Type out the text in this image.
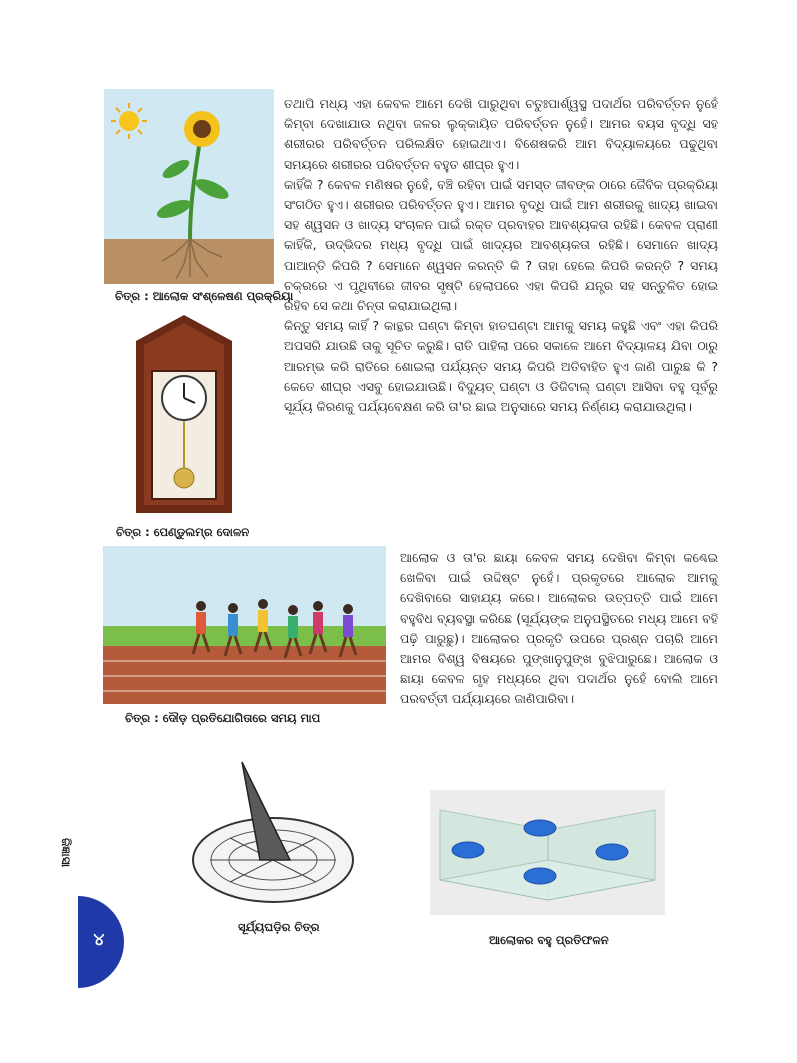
ଚିତ୍ର : ଆଲୋକ ସଂଶ୍ଳେଷଣ ପ୍ରକ୍ରିୟା
ଚିତ୍ର : ପେଣ୍ଡୁଲମ୍‌ର ଦୋଳନ

ତଥାପି ମଧ୍ୟ ଏହା କେବଳ ଆମେ ଦେଖି ପାରୁଥିବା ଚତୁଃପାର୍ଶ୍ୱସ୍ଥ ପଦାର୍ଥର ପରିବର୍ତ୍ତନ ନୁହେଁ କିମ୍ବା ଦେଖାଯାଉ ନଥିବା ଜଳର ଲୁକ୍କାୟିତ ପରିବର୍ତ୍ତନ ନୁହେଁ। ଆମର ବୟସ ବୃଦ୍ଧି ସହ ଶରୀରର ପରିବର୍ତ୍ତନ ପରିଲକ୍ଷିତ ହୋଇଥାଏ। ବିଶେଷକରି ଆମ ବିଦ୍ୟାଳୟରେ ପଢୁଥିବା ସମୟରେ ଶରୀରର ପରିବର୍ତ୍ତନ ବହୁତ ଶୀଘ୍ର ହୁଏ।

କାହିଁକି ? କେବଳ ମଣିଷର ନୁହେଁ, ବଞ୍ଚି ରହିବା ପାଇଁ ସମସ୍ତ ଜୀବଙ୍କ ଠାରେ ଜୈବିକ ପ୍ରକ୍ରିୟା ସଂଗଠିତ ହୁଏ। ଶରୀରର ପରିବର୍ତ୍ତନ ହୁଏ। ଆମର ବୃଦ୍ଧି ପାଇଁ ଆମ ଶରୀରକୁ ଖାଦ୍ୟ ଖାଇବା ସହ ଶ୍ୱସନ ଓ ଖାଦ୍ୟ ସଂଚାଳନ ପାଇଁ ରକ୍ତ ପ୍ରବାହର ଆବଶ୍ୟକତା ରହିଛି। କେବଳ ପ୍ରାଣୀ କାହିଁକି, ଉଦ୍ଭିଦର ମଧ୍ୟ ବୃଦ୍ଧି ପାଇଁ ଖାଦ୍ୟର ଆବଶ୍ୟକତା ରହିଛି। ସେମାନେ ଖାଦ୍ୟ ପାଆନ୍ତି କିପରି ? ସେମାନେ ଶ୍ୱସନ କରନ୍ତି କି ? ତାହା ହେଲେ କିପରି କରନ୍ତି ? ସମୟ ଚକ୍ରରେ ଏ ପୃଥିବୀରେ ଜୀବର ସୃଷ୍ଟି ହେଲାପରେ ଏହା କିପରି ଯନ୍ତ୍ର ସହ ସନ୍ତୁଳିତ ହୋଇ ରହିବ ସେ କଥା ଚିନ୍ତା କରାଯାଇଥିଲା।

କିନ୍ତୁ ସମୟ କାହିଁ ? କାନ୍ଥର ଘଣ୍ଟା କିମ୍ବା ହାତଘଣ୍ଟା ଆମକୁ ସମୟ କହୁଛି ଏବଂ ଏହା କିପରି ଅପସରି ଯାଉଛି ତାକୁ ସୂଚିତ କରୁଛି। ରାତି ପାହିଲା ପରେ ସକାଳେ ଆମେ ବିଦ୍ୟାଳୟ ଯିବା ଠାରୁ ଆରମ୍ଭ କରି ରାତିରେ ଶୋଇଲା ପର୍ଯ୍ୟନ୍ତ ସମୟ କିପରି ଅତିବାହିତ ହୁଏ ଜାଣି ପାରୁଛ କି ? କେତେ ଶୀଘ୍ର ଏସବୁ ହୋଇଯାଉଛି। ବିଦ୍ୟୁତ୍ ଘଣ୍ଟା ଓ ଡିଜିଟାଲ୍ ଘଣ୍ଟା ଆସିବା ବହୁ ପୂର୍ବରୁ ସୂର୍ଯ୍ୟ କିରଣକୁ ପର୍ଯ୍ୟବେକ୍ଷଣ କରି ତା'ର ଛାଇ ଅନୁସାରେ ସମୟ ନିର୍ଣ୍ଣୟ କରାଯାଉଥିଲା।

ଚିତ୍ର : ଦୌଡ଼ ପ୍ରତିଯୋଗିତାରେ ସମୟ ମାପ
ଆଲୋକ ଓ ତା'ର ଛାୟା କେବଳ ସମୟ ଦେଖିବା କିମ୍ବା କଣ୍ଢେଇ ଖେଳିବା ପାଇଁ ଉଦ୍ଦିଷ୍ଟ ନୁହେଁ। ପ୍ରକୃତରେ ଆଲୋକ ଆମକୁ ଦେଖିବାରେ ସାହାଯ୍ୟ କରେ। ଆଲୋକର ଉତ୍ପତ୍ତି ପାଇଁ ଆମେ ବହୁବିଧ ବ୍ୟବସ୍ଥା କରିଛେ (ସୂର୍ଯ୍ୟଙ୍କ ଅନୁପସ୍ଥିତରେ ମଧ୍ୟ ଆମେ ବହି ପଢ଼ି ପାରୁଛୁ)। ଆଲୋକର ପ୍ରକୃତି ଉପରେ ପ୍ରଶ୍ନ ପଚାରି ଆମେ ଆମର ବିଶ୍ୱ ବିଷୟରେ ପୁଙ୍ଖାନୁପୁଙ୍ଖ ବୁଝିପାରୁଛେ। ଆଲୋକ ଓ ଛାୟା କେବଳ ଗୃହ ମଧ୍ୟରେ ଥିବା ପଦାର୍ଥର ନୁହେଁ ବୋଲି ଆମେ ପରବର୍ତ୍ତୀ ପର୍ଯ୍ୟାୟରେ ଜାଣିପାରିବା।
୪
ଜିଜ୍ଞାସା
ସୂର୍ଯ୍ୟଘଡ଼ିର ଚିତ୍ର
ଆଲୋକର ବହୁ ପ୍ରତିଫଳନ
